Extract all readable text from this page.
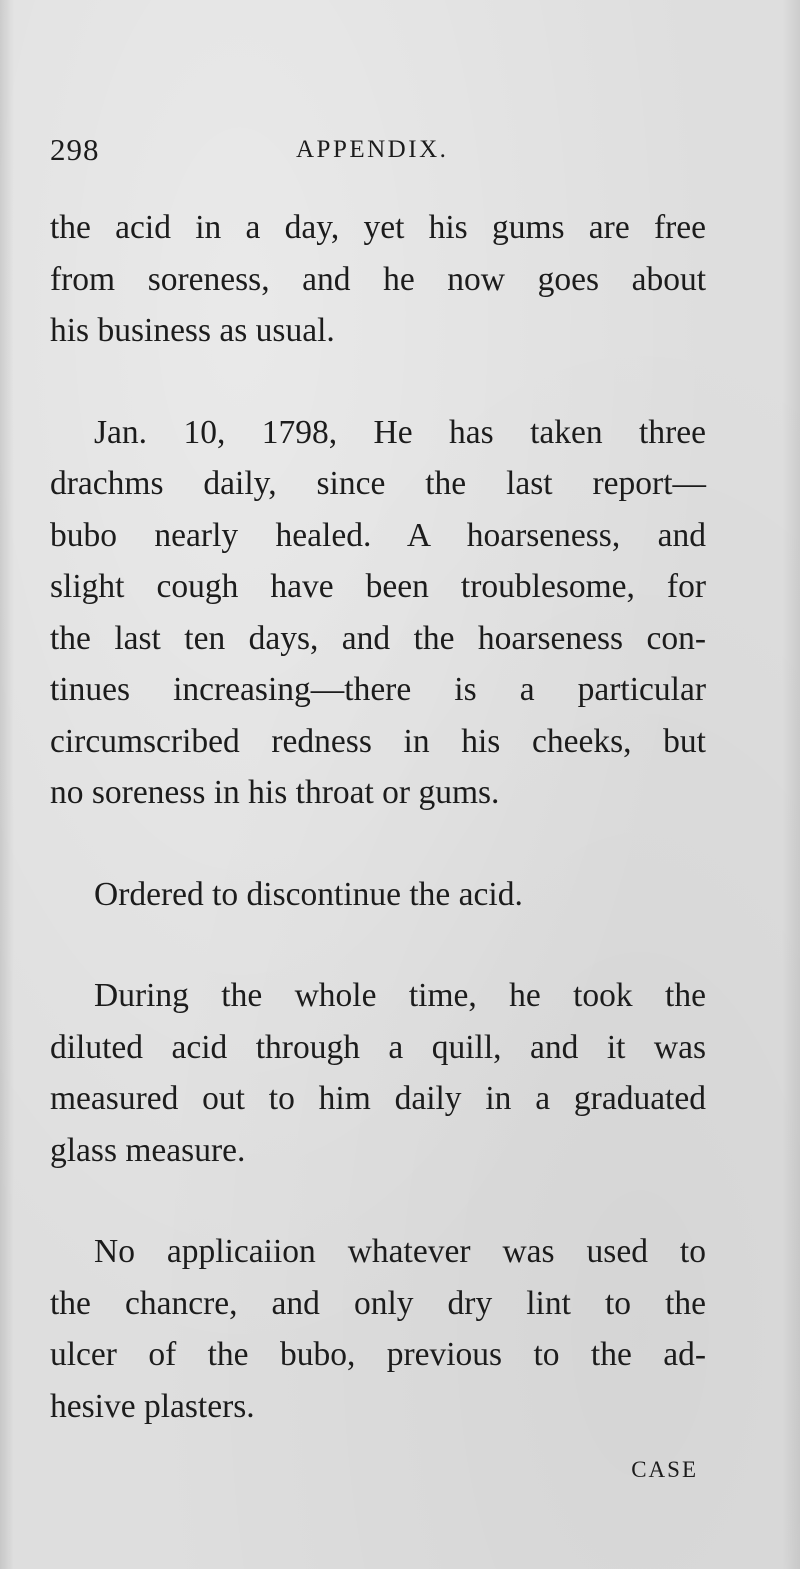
298	APPENDIX.

the acid in a day, yet his gums are free
from soreness, and he now goes about
his business as usual.

Jan. 10, 1798, He has taken three
drachms daily, since the last report—
bubo nearly healed. A hoarseness, and
slight cough have been troublesome, for
the last ten days, and the hoarseness con-
tinues increasing—there is a particular
circumscribed redness in his cheeks, but
no soreness in his throat or gums.

Ordered to discontinue the acid.

During the whole time, he took the
diluted acid through a quill, and it was
measured out to him daily in a graduated
glass measure.

No applicaiion whatever was used to
the chancre, and only dry lint to the
ulcer of the bubo, previous to the ad-
hesive plasters.

CASE
